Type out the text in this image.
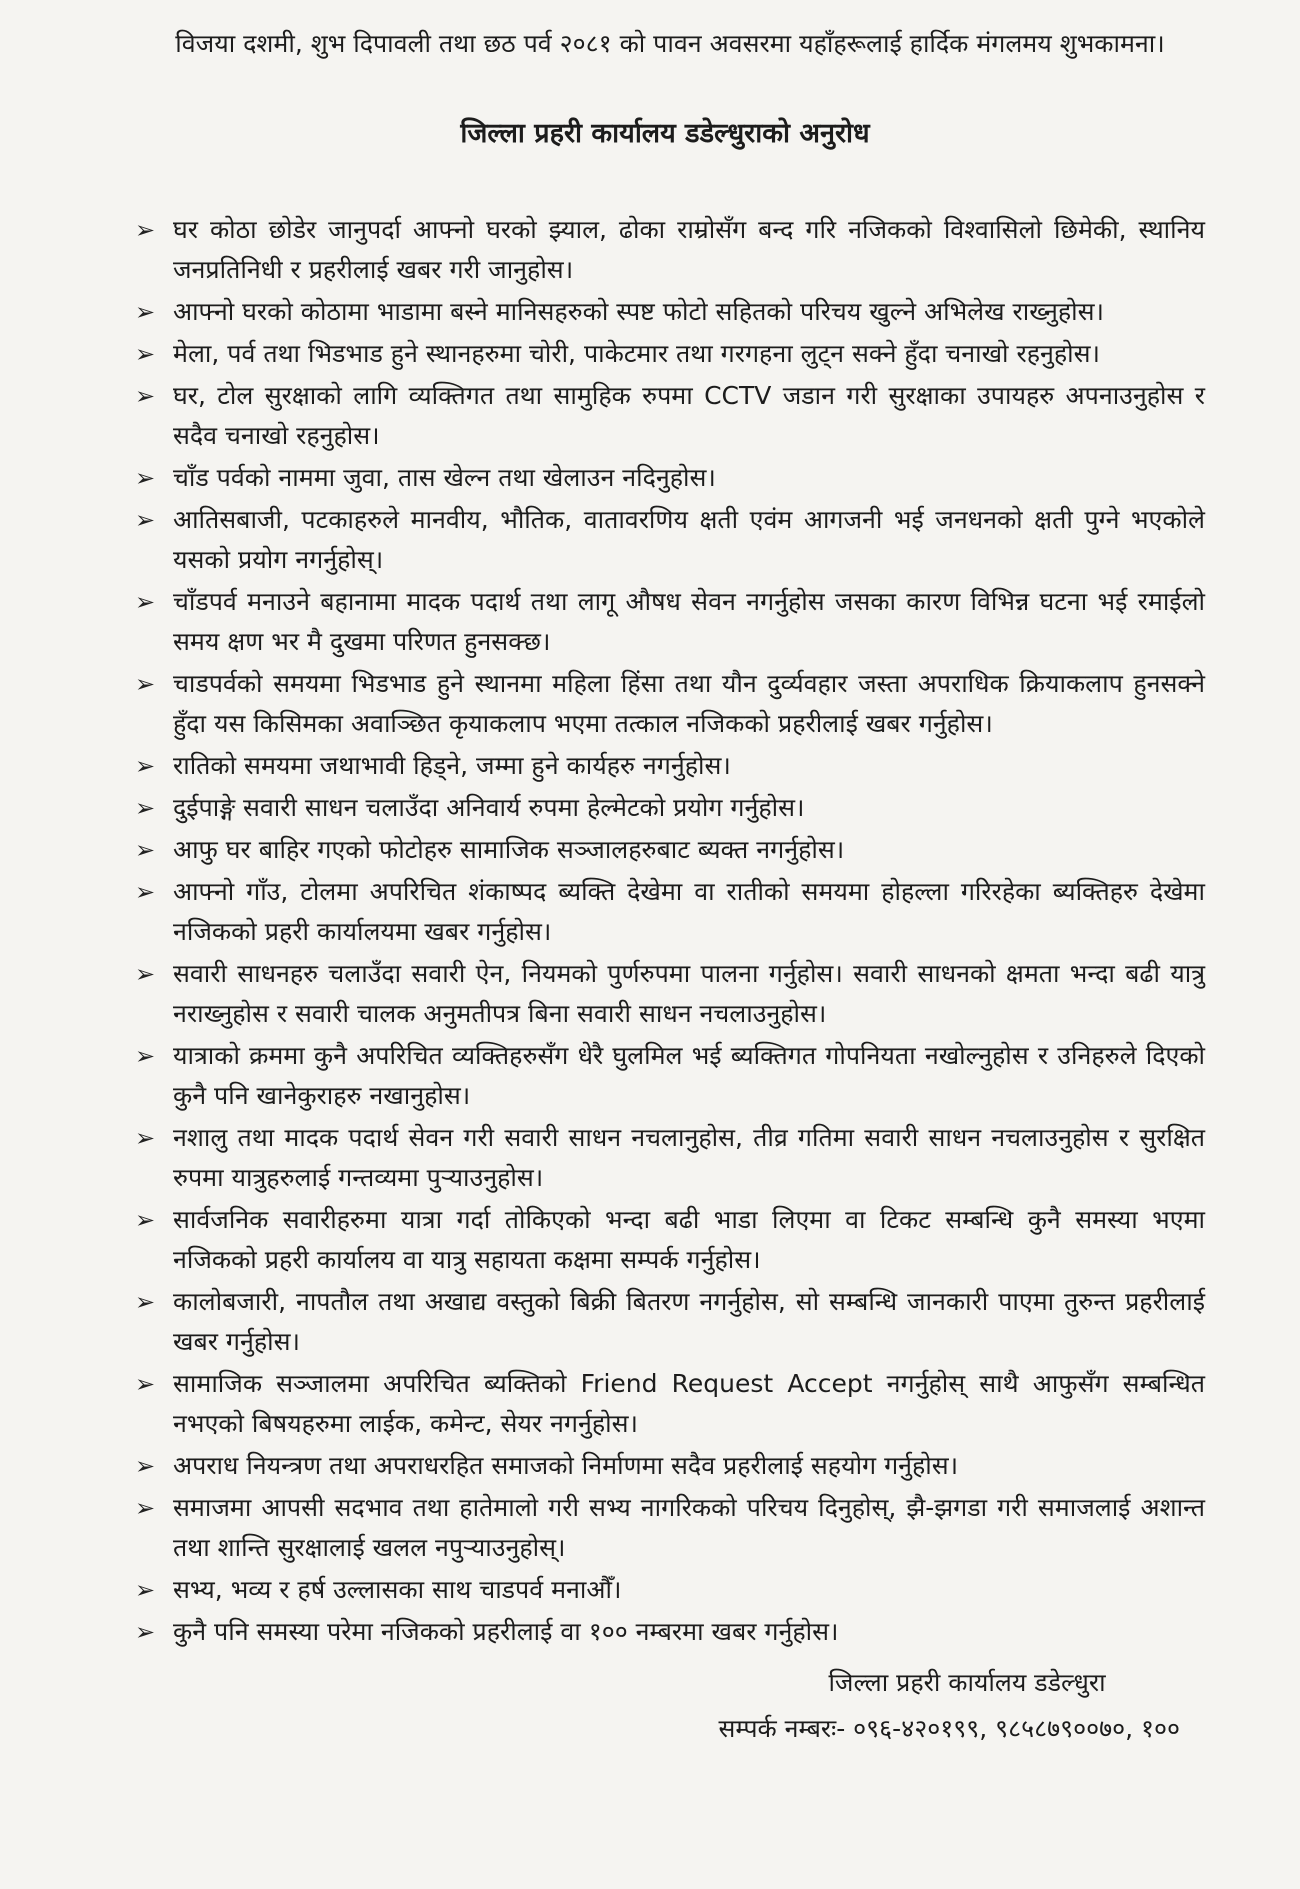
विजया दशमी, शुभ दिपावली तथा छठ पर्व २०८१ को पावन अवसरमा यहाँहरूलाई हार्दिक मंगलमय शुभकामना।
जिल्ला प्रहरी कार्यालय डडेल्धुराको अनुरोध
➢ घर कोठा छोडेर जानुपर्दा आफ्नो घरको झ्याल, ढोका राम्रोसँग बन्द गरि नजिकको विश्वासिलो छिमेकी, स्थानिय जनप्रतिनिधी र प्रहरीलाई खबर गरी जानुहोस।
➢ आफ्नो घरको कोठामा भाडामा बस्ने मानिसहरुको स्पष्ट फोटो सहितको परिचय खुल्ने अभिलेख राख्नुहोस।
➢ मेला, पर्व तथा भिडभाड हुने स्थानहरुमा चोरी, पाकेटमार तथा गरगहना लुट्न सक्ने हुँदा चनाखो रहनुहोस।
➢ घर, टोल सुरक्षाको लागि व्यक्तिगत तथा सामुहिक रुपमा CCTV जडान गरी सुरक्षाका उपायहरु अपनाउनुहोस र सदैव चनाखो रहनुहोस।
➢ चाँड पर्वको नाममा जुवा, तास खेल्न तथा खेलाउन नदिनुहोस।
➢ आतिसबाजी, पटकाहरुले मानवीय, भौतिक, वातावरणिय क्षती एवंम आगजनी भई जनधनको क्षती पुग्ने भएकोले यसको प्रयोग नगर्नुहोस्।
➢ चाँडपर्व मनाउने बहानामा मादक पदार्थ तथा लागू औषध सेवन नगर्नुहोस जसका कारण विभिन्न घटना भई रमाईलो समय क्षण भर मै दुखमा परिणत हुनसक्छ।
➢ चाडपर्वको समयमा भिडभाड हुने स्थानमा महिला हिंसा तथा यौन दुर्व्यवहार जस्ता अपराधिक क्रियाकलाप हुनसक्ने हुँदा यस किसिमका अवाञ्छित कृयाकलाप भएमा तत्काल नजिकको प्रहरीलाई खबर गर्नुहोस।
➢ रातिको समयमा जथाभावी हिड्ने, जम्मा हुने कार्यहरु नगर्नुहोस।
➢ दुईपाङ्गे सवारी साधन चलाउँदा अनिवार्य रुपमा हेल्मेटको प्रयोग गर्नुहोस।
➢ आफु घर बाहिर गएको फोटोहरु सामाजिक सञ्जालहरुबाट ब्यक्त नगर्नुहोस।
➢ आफ्नो गाँउ, टोलमा अपरिचित शंकाष्पद ब्यक्ति देखेमा वा रातीको समयमा होहल्ला गरिरहेका ब्यक्तिहरु देखेमा नजिकको प्रहरी कार्यालयमा खबर गर्नुहोस।
➢ सवारी साधनहरु चलाउँदा सवारी ऐन, नियमको पुर्णरुपमा पालना गर्नुहोस। सवारी साधनको क्षमता भन्दा बढी यात्रु नराख्नुहोस र सवारी चालक अनुमतीपत्र बिना सवारी साधन नचलाउनुहोस।
➢ यात्राको क्रममा कुनै अपरिचित व्यक्तिहरुसँग धेरै घुलमिल भई ब्यक्तिगत गोपनियता नखोल्नुहोस र उनिहरुले दिएको कुनै पनि खानेकुराहरु नखानुहोस।
➢ नशालु तथा मादक पदार्थ सेवन गरी सवारी साधन नचलानुहोस, तीव्र गतिमा सवारी साधन नचलाउनुहोस र सुरक्षित रुपमा यात्रुहरुलाई गन्तव्यमा पुऱ्याउनुहोस।
➢ सार्वजनिक सवारीहरुमा यात्रा गर्दा तोकिएको भन्दा बढी भाडा लिएमा वा टिकट सम्बन्धि कुनै समस्या भएमा नजिकको प्रहरी कार्यालय वा यात्रु सहायता कक्षमा सम्पर्क गर्नुहोस।
➢ कालोबजारी, नापतौल तथा अखाद्य वस्तुको बिक्री बितरण नगर्नुहोस, सो सम्बन्धि जानकारी पाएमा तुरुन्त प्रहरीलाई खबर गर्नुहोस।
➢ सामाजिक सञ्जालमा अपरिचित ब्यक्तिको Friend Request Accept नगर्नुहोस् साथै आफुसँग सम्बन्धित नभएको बिषयहरुमा लाईक, कमेन्ट, सेयर नगर्नुहोस।
➢ अपराध नियन्त्रण तथा अपराधरहित समाजको निर्माणमा सदैव प्रहरीलाई सहयोग गर्नुहोस।
➢ समाजमा आपसी सदभाव तथा हातेमालो गरी सभ्य नागरिकको परिचय दिनुहोस्, झै-झगडा गरी समाजलाई अशान्त तथा शान्ति सुरक्षालाई खलल नपुऱ्याउनुहोस्।
➢ सभ्य, भव्य र हर्ष उल्लासका साथ चाडपर्व मनाऔँ।
➢ कुनै पनि समस्या परेमा नजिकको प्रहरीलाई वा १०० नम्बरमा खबर गर्नुहोस।
जिल्ला प्रहरी कार्यालय डडेल्धुरा
सम्पर्क नम्बरः- ०९६-४२०१९९, ९८५८७९००७०, १००
